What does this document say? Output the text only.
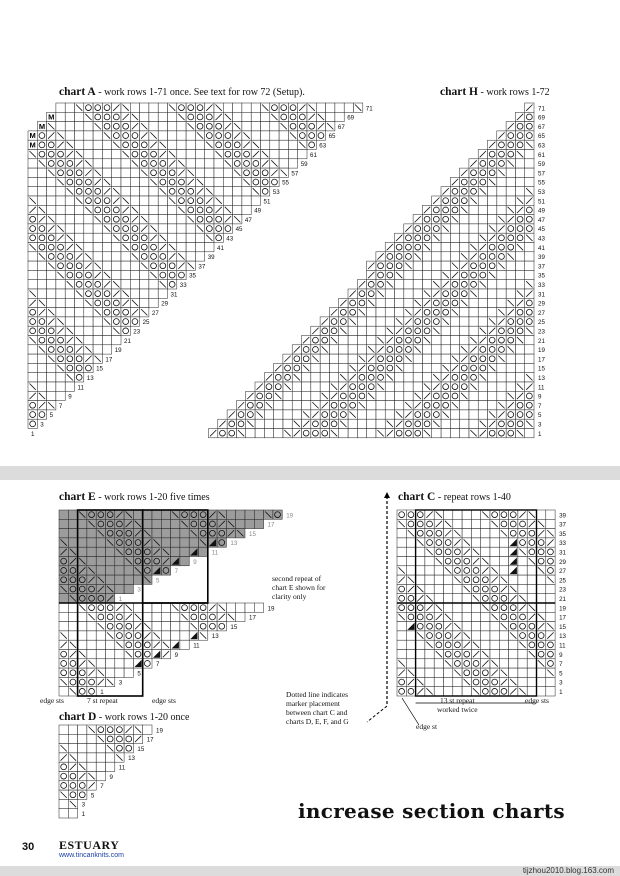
chart A - work rows 1-71 once. See text for row 72 (Setup).	chart H - work rows 1-72
chart E - work rows 1-20 five times	chart C - repeat rows 1-40
chart D - work rows 1-20 once
71
M	69
M	67
M	65
M	63
61
59
57
55
53
51
49
47
45
43
41
39
37
35
33
31
29
27
25
23
21
19
17
15
13
11
9
7
5
3
1
71
69
67
65
63
61
59
57
55
53
51
49
47
45
43
41
39
37
35
33
31
29
27
25
23
21
19
17
15
13
11
9
7
5
3
1
19
17
15
13
11
9
7
5
3
1
19
17
15
13
11
9
7
5
3
1
19
17
15
13
11
9
7
5
3
1
39
37
35
33
31
29
27
25
23
21
19
17
15
13
11
9
7
5
3
1
second repeat of
chart E shown for
clarity only
edge sts	7 st repeat	edge sts
Dotted line indicates
marker placement
between chart C and
charts D, E, F, and G
13 st repeat
worked twice
edge sts
edge st
increase section charts
30 ESTUARY
www.tincanknits.com
tijzhou2010.blog.163.com
